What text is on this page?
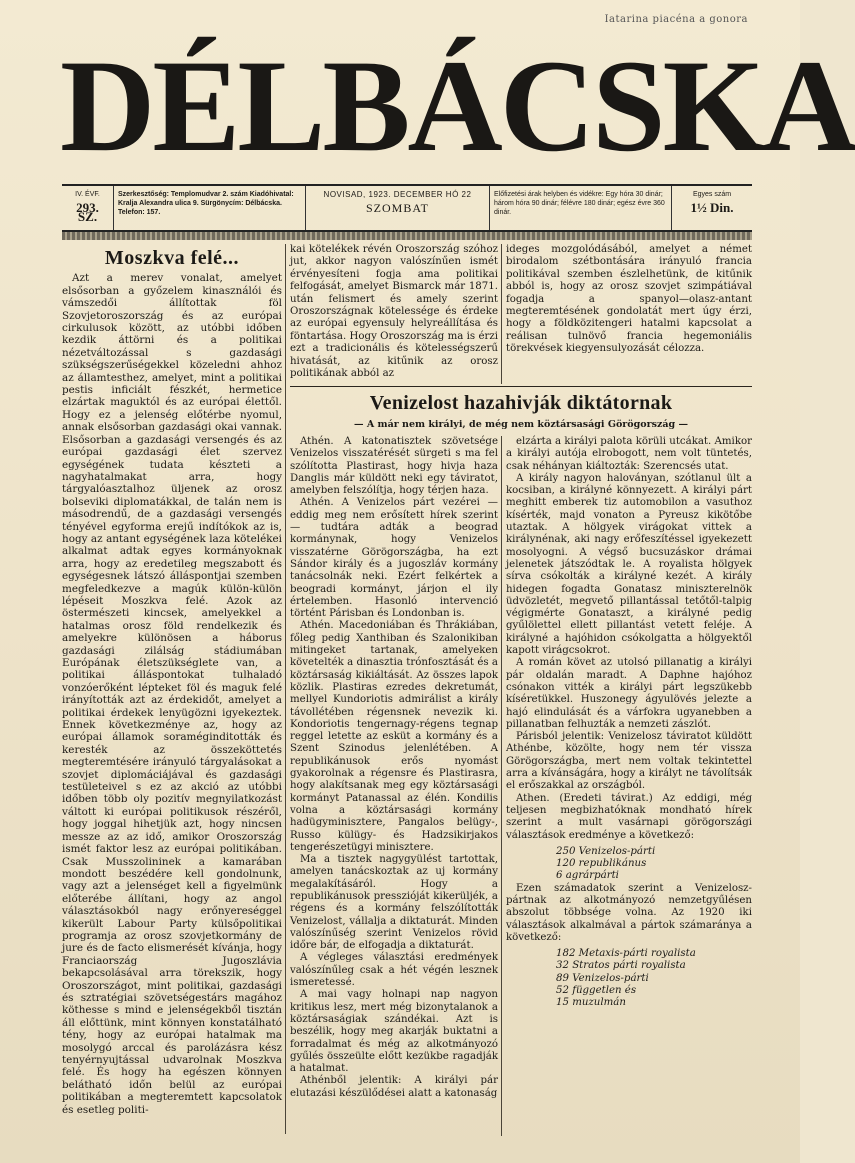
Iatarina piacéna a gonora
DÉLBÁCSKA
IV. ÉVF.
293. SZ.
Szerkesztőség: Templomudvar 2. szám Kiadóhivatal: Kralja Alexandra ulica 9. Sürgönycím: Délbácska. Telefon: 157.
NOVISAD, 1923. DECEMBER HÓ 22
SZOMBAT
Előfizetési árak helyben és vidékre: Egy hóra 30 dinár; három hóra 90 dinár; félévre 180 dinár; egész évre 360 dinár.
Egyes szám
1½ Din.
Moszkva felé...

Azt a merev vonalat, amelyet elsősorban a győzelem kinasználói és vámszedői állítottak föl Szovjetoroszország és az európai cirkulusok között, az utóbbi időben kezdik áttörni és a politikai nézetváltozással s gazdasági szükségszerűségekkel közeledni ahhoz az államtesthez, amelyet, mint a politikai pestis inficiált fészkét, hermetice elzártak maguktól és az európai élettől. Hogy ez a jelenség előtérbe nyomul, annak elsősorban gazdasági okai vannak. Elsősorban a gazdasági versengés és az európai gazdasági élet szervez egységének tudata készteti a nagyhatalmakat arra, hogy tárgyalóasztalhoz üljenek az orosz bolseviki diplomatákkal, de talán nem is másodrendű, de a gazdasági versengés tényével egyforma erejű indítókok az is, hogy az antant egységének laza kötelékei alkalmat adtak egyes kormányoknak arra, hogy az eredetileg megszabott és egységesnek látszó álláspontjai szemben megfeledkezve a magúk külön-külön lépéseit Moszkva felé. Azok az östermészeti kincsek, amelyekkel a hatalmas orosz föld rendelkezik és amelyekre különösen a háborus gazdasági zilálság stádiumában Európának életszükséglete van, a politikai álláspontokat tulhaladó vonzóerőként lépteket föl és maguk felé irányították azt az érdekidőt, amelyet a politikai érdekek lenyügözni igyekeztek. Ennek következménye az, hogy az európai államok soraméginditották és keresték az összeköttetés megteremtésére irányuló tárgyalásokat a szovjet diplomáciájával és gazdasági testületeivel s ez az akció az utóbbi időben több oly pozitív megnyilatkozást váltott ki európai politikusok részéről, hogy joggal hihetjük azt, hogy nincsen messze az az idő, amikor Oroszország ismét faktor lesz az európai politikában. Csak Musszolininek a kamarában mondott beszédére kell gondolnunk, vagy azt a jelenséget kell a figyelmünk előterébe állítani, hogy az angol választásokból nagy erőnyereséggel kikerült Labour Party külsőpolitikai programja az orosz szovjetkormány de jure és de facto elismerését kívánja, hogy Franciaország Jugoszlávia bekapcsolásával arra törekszik, hogy Oroszországot, mint politikai, gazdasági és sztratégiai szövetségestárs magához köthesse s mind e jelenségekből tisztán áll előttünk, mint könnyen konstatálható tény, hogy az európai hatalmak ma mosolygó arccal és parolázásra kész tenyérnyujtással udvarolnak Moszkva felé. És hogy ha egészen könnyen belátható időn belül az európai politikában a megteremtett kapcsolatok és esetleg politi-

kai kötelékek révén Oroszország szóhoz jut, akkor nagyon valószínűen ismét érvényesíteni fogja ama politikai felfogását, amelyet Bismarck már 1871. után felismert és amely szerint Oroszországnak kötelessége és érdeke az európai egyensuly helyreállítása és föntartása. Hogy Oroszország ma is érzi ezt a tradicionális és kötelességszerű hivatását, az kitűnik az orosz politikának abból az

ideges mozgolódásából, amelyet a német birodalom szétbontására irányuló francia politikával szemben észlelhetünk, de kitűnik abból is, hogy az orosz szovjet szimpátiával fogadja a spanyol—olasz-antant megteremtésének gondolatát mert úgy érzi, hogy a földközitengeri hatalmi kapcsolat a reálisan tulnövő francia hegemoniális törekvések kiegyensulyozását célozza.

Venizelost hazahivják diktátornak
— A már nem királyi, de még nem köztársasági Görögország —

Athén. A katonatisztek szövetsége Venizelos visszatérését sürgeti s ma fel szólította Plastirast, hogy hivja haza Danglis már küldött neki egy táviratot, amelyben felszólítja, hogy térjen haza.

Athén. A Venizelos párt vezérei — eddig meg nem erősített hírek szerint — tudtára adták a beograd kormánynak, hogy Venizelos visszatérne Görögországba, ha ezt Sándor király és a jugoszláv kormány tanácsolnák neki. Ezért felkértek a beogradi kormányt, járjon el ily értelemben. Hasonló intervenció történt Párisban és Londonban is.

Athén. Macedoniában és Thrákiában, főleg pedig Xanthiban és Szalonikiban mitingeket tartanak, amelyeken követelték a dinasztia trónfosztását és a köztársaság kikiáltását. Az összes lapok közlik. Plastiras ezredes dekretumát, mellyel Kundoriotis admirálist a király távollétében régensnek nevezik ki. Kondoriotis tengernagy-régens tegnap reggel letette az esküt a kormány és a Szent Szinodus jelenlétében. A republikánusok erős nyomást gyakorolnak a régensre és Plastirasra, hogy alakítsanak meg egy köztársasági kormányt Patanassal az élén. Kondilis volna a köztársasági kormány hadügyminisztere, Pangalos belügy-, Russo külügy- és Hadzsikirjakos tengerészetügyi minisztere.

Ma a tisztek nagygyülést tartottak, amelyen tanácskoztak az uj kormány megalakításáról. Hogy a republikánusok presszióját kikerüljék, a régens és a kormány felszólították Venizelost, vállalja a diktaturát. Minden valószínűség szerint Venizelos rövid időre bár, de elfogadja a diktaturát.

A végleges választási eredmények valószínűleg csak a hét végén lesznek ismeretessé.

A mai vagy holnapi nap nagyon kritikus lesz, mert még bizonytalanok a köztársaságiak szándékai. Azt is beszélik, hogy meg akarják buktatni a forradalmat és még az alkotmányozó gyűlés összeülte előtt kezükbe ragadják a hatalmat.

Athénből jelentik: A királyi pár elutazási készülődései alatt a katonaság

elzárta a királyi palota körüli utcákat. Amikor a királyi autója elrobogott, nem volt tüntetés, csak néhányan kiáltozták: Szerencsés utat.

A király nagyon haloványan, szótlanul ült a kocsiban, a királyné könnyezett. A királyi párt meghitt emberek tiz automobilon a vasuthoz kísérték, majd vonaton a Pyreusz kikötőbe utaztak. A hölgyek virágokat vittek a királynénak, aki nagy erőfeszítéssel igyekezett mosolyogni. A végső bucsuzáskor drámai jelenetek játszódtak le. A royalista hölgyek sírva csókolták a királyné kezét. A király hidegen fogadta Gonatasz miniszterelnök üdvözletét, megvető pillantással tetőtől-talpig végigmérte Gonataszt, a királyné pedig gyűlölettel ellett pillantást vetett feléje. A királyné a hajóhidon csókolgatta a hölgyektől kapott virágcsokrot.

A román követ az utolsó pillanatig a királyi pár oldalán maradt. A Daphne hajóhoz csónakon vitték a királyi párt legszükebb kíséretükkel. Huszonegy ágyulövés jelezte a hajó elindulását és a várfokra ugyanebben a pillanatban felhuzták a nemzeti zászlót.

Párisból jelentik: Venizelosz táviratot küldött Athénbe, közölte, hogy nem tér vissza Görögországba, mert nem voltak tekintettel arra a kívánságára, hogy a királyt ne távolítsák el erőszakkal az országból.

Athen. (Eredeti távirat.) Az eddigi, még teljesen megbizhatóknak mondható hírek szerint a mult vasárnapi görögországi választások eredménye a következő:

250 Venizelos-párti
120 republikánus
6 agrárpárti

Ezen számadatok szerint a Venizelosz-pártnak az alkotmányozó nemzetgyűlésen abszolut többsége volna. Az 1920 iki választások alkalmával a pártok számaránya a következő:

182 Metaxis-párti royalista
32 Stratos párti royalista
89 Venizelos-párti
52 független és
15 muzulmán
